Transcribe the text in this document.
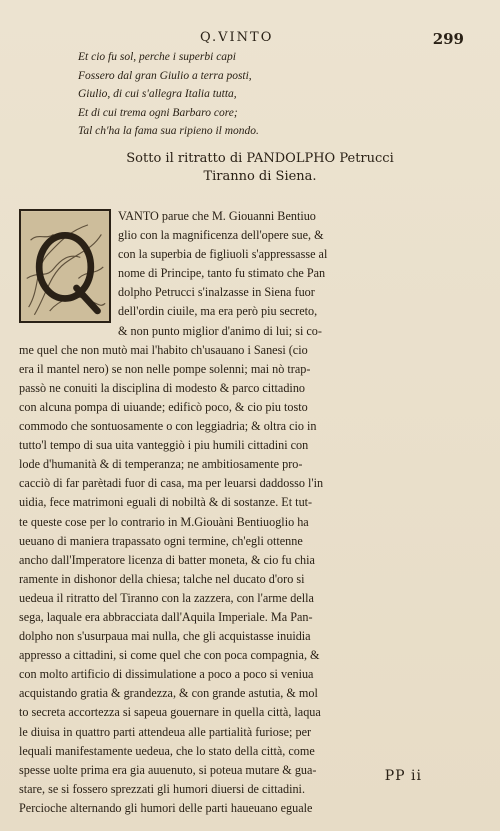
Q.VINTO	299
Et cio fu sol, perche i superbi capi
Fossero dal gran Giulio a terra posti,
Giulio, di cui s'allegra Italia tutta,
Et di cui trema ogni Barbaro core;
Tal ch'ha la fama sua ripieno il mondo.
Sotto il ritratto di PANDOLPHO Petrucci
Tiranno di Siena.
VANTO parue che M. Giouanni Bentiuo
glio con la magnificenza dell'opere sue, &
con la superbia de figliuoli s'appressasse al
nome di Principe, tanto fu stimato che Pan
dolpho Petrucci s'inalzasse in Siena fuor
dell'ordin ciuile, ma era però piu secreto,
& non punto miglior d'animo di lui; si co-
me quel che non mutò mai l'habito ch'usauano i Sanesi (cio
era il mantel nero) se non nelle pompe solenni; mai nò trap-
passò ne conuiti la disciplina di modesto & parco cittadino
con alcuna pompa di uiuande; edificò poco, & cio piu tosto
commodo che sontuosamente o con leggiadria; & oltra cio in
tutto'l tempo di sua uita vanteggiò i piu humili cittadini con
lode d'humanità & di temperanza; ne ambitiosamente pro-
cacciò di far parètadi fuor di casa, ma per leuarsi daddosso l'in
uidia, fece matrimoni eguali di nobiltà & di sostanze. Et tut-
te queste cose per lo contrario in M.Giouàni Bentiuoglio ha
ueuano di maniera trapassato ogni termine, ch'egli ottenne
ancho dall'Imperatore licenza di batter moneta, & cio fu chia
ramente in dishonor della chiesa; talche nel ducato d'oro si
uedeua il ritratto del Tiranno con la zazzera, con l'arme della
sega, laquale era abbracciata dall'Aquila Imperiale. Ma Pan-
dolpho non s'usurpaua mai nulla, che gli acquistasse inuidia
appresso a cittadini, si come quel che con poca compagnia, &
con molto artificio di dissimulatione a poco a poco si veniua
acquistando gratia & grandezza, & con grande astutia, & mol
to secreta accortezza si sapeua gouernare in quella città, laqua
le diuisa in quattro parti attendeua alle partialità furiose; per
lequali manifestamente uedeua, che lo stato della città, come
spesse uolte prima era gia auuenuto, si poteua mutare & gua-
stare, se si fossero sprezzati gli humori diuersi de cittadini.
Percioche alternando gli humori delle parti haueuano eguale
PP ii
